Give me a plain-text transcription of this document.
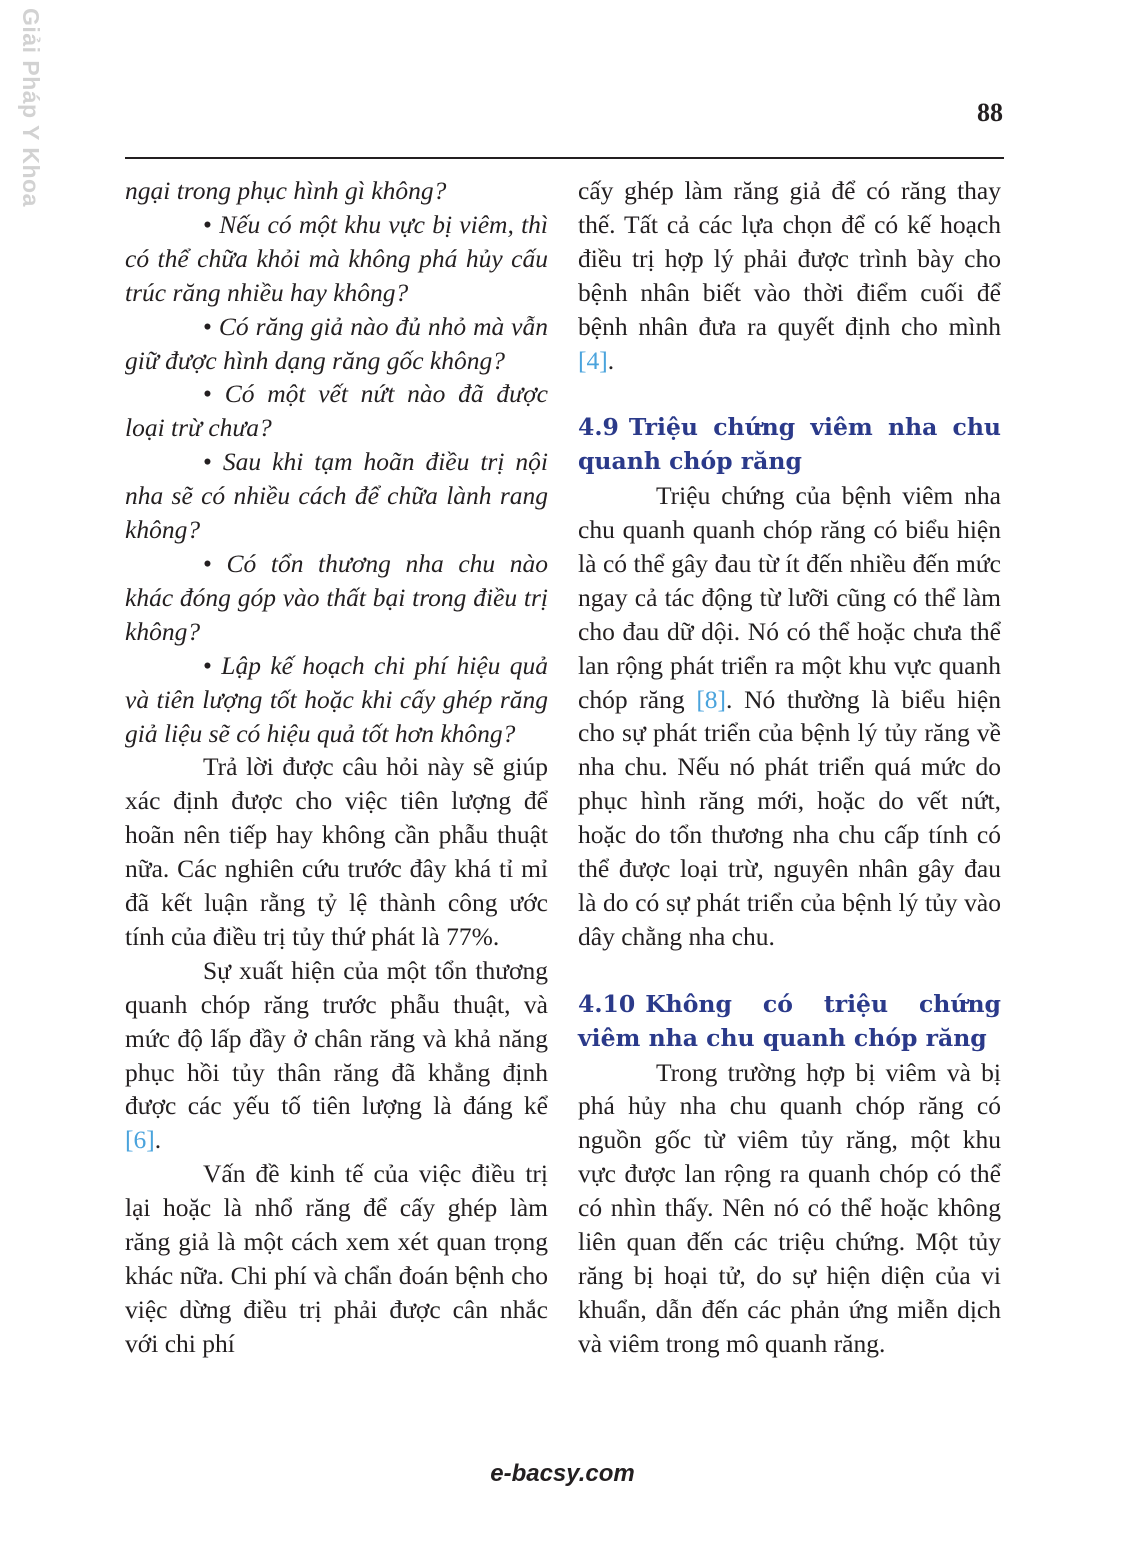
Giải Pháp Y Khoa	88

ngại trong phục hình gì không?

• Nếu có một khu vực bị viêm, thì có thể chữa khỏi mà không phá hủy cấu trúc răng nhiều hay không?

• Có răng giả nào đủ nhỏ mà vẫn giữ được hình dạng răng gốc không?

• Có một vết nứt nào đã được loại trừ chưa?

• Sau khi tạm hoãn điều trị nội nha sẽ có nhiều cách để chữa lành rang không?

• Có tổn thương nha chu nào khác đóng góp vào thất bại trong điều trị không?

• Lập kế hoạch chi phí hiệu quả và tiên lượng tốt hoặc khi cấy ghép răng giả liệu sẽ có hiệu quả tốt hơn không?

Trả lời được câu hỏi này sẽ giúp xác định được cho việc tiên lượng để hoãn nên tiếp hay không cần phẫu thuật nữa. Các nghiên cứu trước đây khá tỉ mỉ đã kết luận rằng tỷ lệ thành công ước tính của điều trị tủy thứ phát là 77%.

Sự xuất hiện của một tổn thương quanh chóp răng trước phẫu thuật, và mức độ lấp đầy ở chân răng và khả năng phục hồi tủy thân răng đã khẳng định được các yếu tố tiên lượng là đáng kể [6].

Vấn đề kinh tế của việc điều trị lại hoặc là nhổ răng để cấy ghép làm răng giả là một cách xem xét quan trọng khác nữa. Chi phí và chẩn đoán bệnh cho việc dừng điều trị phải được cân nhắc với chi phí

cấy ghép làm răng giả để có răng thay thế. Tất cả các lựa chọn để có kế hoạch điều trị hợp lý phải được trình bày cho bệnh nhân biết vào thời điểm cuối để bệnh nhân đưa ra quyết định cho mình [4].

4.9 Triệu chứng viêm nha chu quanh chóp răng

Triệu chứng của bệnh viêm nha chu quanh quanh chóp răng có biểu hiện là có thể gây đau từ ít đến nhiều đến mức ngay cả tác động từ lưỡi cũng có thể làm cho đau dữ dội. Nó có thể hoặc chưa thể lan rộng phát triển ra một khu vực quanh chóp răng [8]. Nó thường là biểu hiện cho sự phát triển của bệnh lý tủy răng về nha chu. Nếu nó phát triển quá mức do phục hình răng mới, hoặc do vết nứt, hoặc do tổn thương nha chu cấp tính có thể được loại trừ, nguyên nhân gây đau là do có sự phát triển của bệnh lý tủy vào dây chằng nha chu.

4.10 Không có triệu chứng viêm nha chu quanh chóp răng

Trong trường hợp bị viêm và bị phá hủy nha chu quanh chóp răng có nguồn gốc từ viêm tủy răng, một khu vực được lan rộng ra quanh chóp có thể có nhìn thấy. Nên nó có thể hoặc không liên quan đến các triệu chứng. Một tủy răng bị hoại tử, do sự hiện diện của vi khuẩn, dẫn đến các phản ứng miễn dịch và viêm trong mô quanh răng.

e-bacsy.com
